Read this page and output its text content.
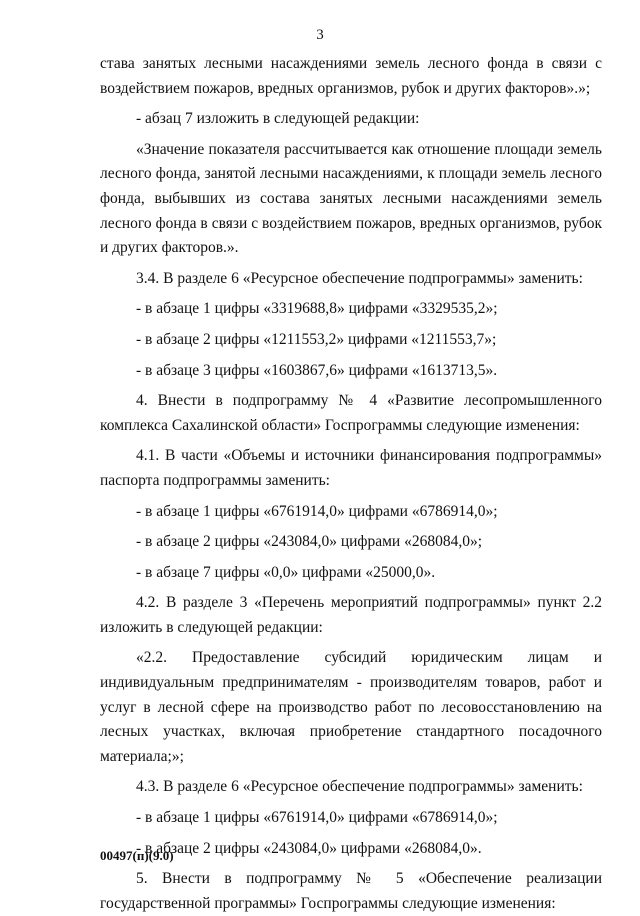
3

става занятых лесными насаждениями земель лесного фонда в связи с воздействием пожаров, вредных организмов, рубок и других факторов».»;

- абзац 7 изложить в следующей редакции:

«Значение показателя рассчитывается как отношение площади земель лесного фонда, занятой лесными насаждениями, к площади земель лесного фонда, выбывших из состава занятых лесными насаждениями земель лесного фонда в связи с воздействием пожаров, вредных организмов, рубок и других факторов.».

3.4. В разделе 6 «Ресурсное обеспечение подпрограммы» заменить:

- в абзаце 1 цифры «3319688,8» цифрами «3329535,2»;

- в абзаце 2 цифры «1211553,2» цифрами «1211553,7»;

- в абзаце 3 цифры «1603867,6» цифрами «1613713,5».

4. Внести в подпрограмму № 4 «Развитие лесопромышленного комплекса Сахалинской области» Госпрограммы следующие изменения:

4.1. В части «Объемы и источники финансирования подпрограммы» паспорта подпрограммы заменить:

- в абзаце 1 цифры «6761914,0» цифрами «6786914,0»;

- в абзаце 2 цифры «243084,0» цифрами «268084,0»;

- в абзаце 7 цифры «0,0» цифрами «25000,0».

4.2. В разделе 3 «Перечень мероприятий подпрограммы» пункт 2.2 изложить в следующей редакции:

«2.2. Предоставление субсидий юридическим лицам и индивидуальным предпринимателям - производителям товаров, работ и услуг в лесной сфере на производство работ по лесовосстановлению на лесных участках, включая приобретение стандартного посадочного материала;»;

4.3. В разделе 6 «Ресурсное обеспечение подпрограммы» заменить:

- в абзаце 1 цифры «6761914,0» цифрами «6786914,0»;

- в абзаце 2 цифры «243084,0» цифрами «268084,0».

5. Внести в подпрограмму № 5 «Обеспечение реализации государственной программы» Госпрограммы следующие изменения:

00497(п)(9.0)
